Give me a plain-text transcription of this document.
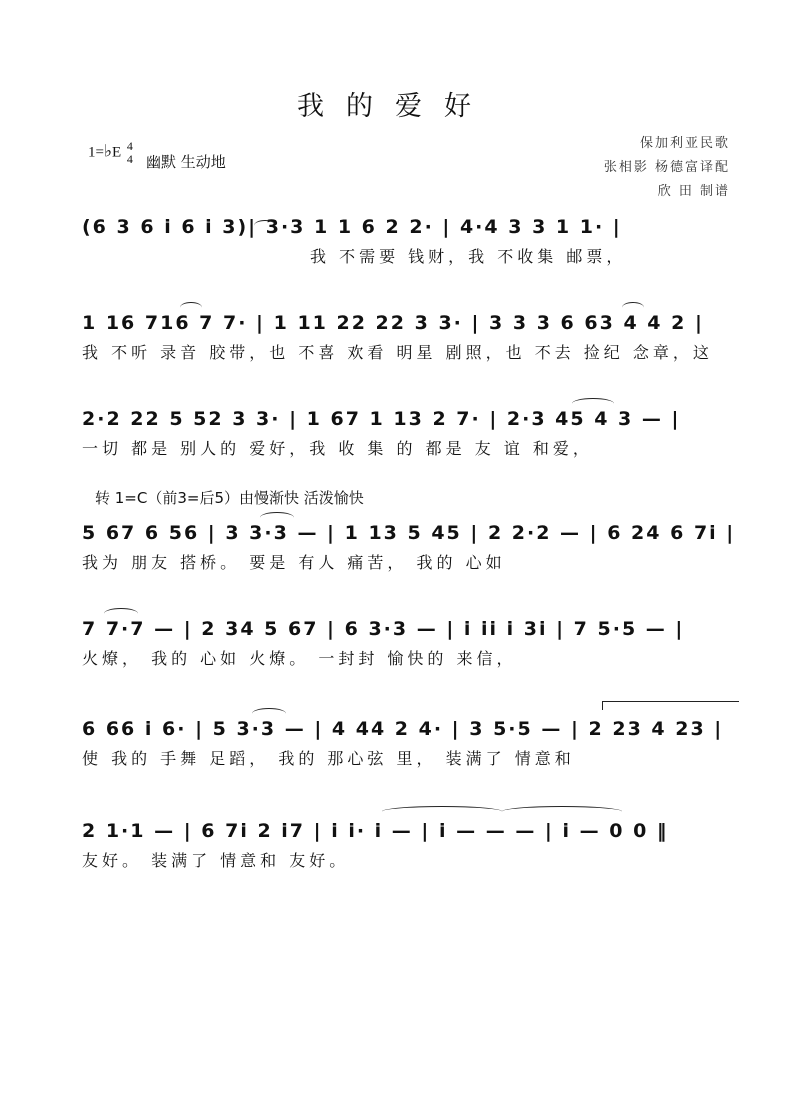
我的爱好
保加利亚民歌
张相影 杨德富译配
欣 田 制谱
1=♭E 4
4 幽默 生动地
转 1=C（前3=后5）由慢渐快 活泼愉快
(6 3 6 i 6 i 3)| 3·3 1 1 6 2 2· | 4·4 3 3 1 1· |
我 不需要 钱财，我 不收集 邮票，
1 16 716 7 7· | 1 11 22 22 3 3· | 3 3 3 6 63 4 4 2 |
我 不听 录音 胶带，也 不喜 欢看 明星 剧照，也 不去 捡纪 念章，这
2·2 22 5 52 3 3· | 1 67 1 13 2 7· | 2·3 45 4 3 — |
一切 都是 别人的 爱好，我 收 集 的 都是 友 谊 和爱，
5 67 6 56 | 3 3·3 — | 1 13 5 45 | 2 2·2 — | 6 24 6 7i |
我为 朋友 搭桥。 要是 有人 痛苦， 我的 心如
7 7·7 — | 2 34 5 67 | 6 3·3 — | i ii i 3i | 7 5·5 — |
火燎， 我的 心如 火燎。 一封封 愉快的 来信，
6 66 i 6· | 5 3·3 — | 4 44 2 4· | 3 5·5 — | 2 23 4 23 |
使 我的 手舞 足蹈， 我的 那心弦 里， 装满了 情意和
2 1·1 — | 6 7i 2 i7 | i i· i — | i — — — | i — 0 0 ‖
友好。 装满了 情意和 友好。
